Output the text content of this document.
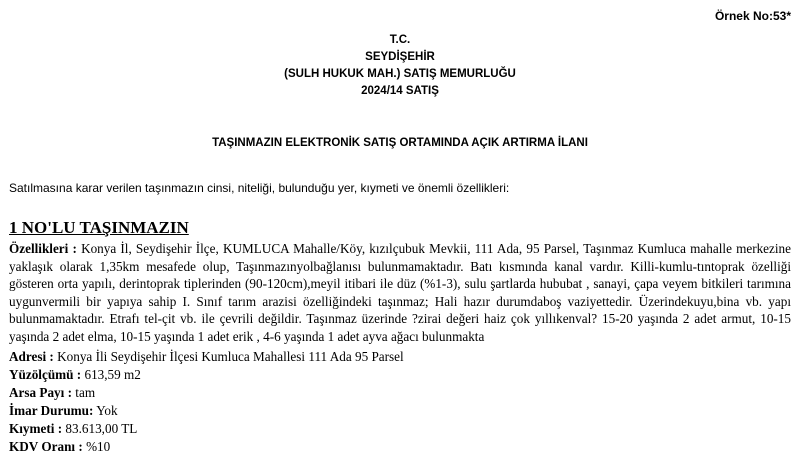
Örnek No:53*
T.C.
SEYDİŞEHİR
(SULH HUKUK MAH.) SATIŞ MEMURLUĞU
2024/14 SATIŞ
TAŞINMAZIN ELEKTRONİK SATIŞ ORTAMINDA AÇIK ARTIRMA İLANI
Satılmasına karar verilen taşınmazın cinsi, niteliği, bulunduğu yer, kıymeti ve önemli özellikleri:
1 NO'LU TAŞINMAZIN
Özellikleri : Konya İl, Seydişehir İlçe, KUMLUCA Mahalle/Köy, kızılçubuk Mevkii, 111 Ada, 95 Parsel, Taşınmaz Kumluca mahalle merkezine yaklaşık olarak 1,35km mesafede olup, Taşınmazınyolbağlanısı bulunmamaktadır. Batı kısmında kanal vardır. Killi-kumlu-tıntoprak özelliği gösteren orta yapılı, derintoprak tiplerinden (90-120cm),meyil itibari ile düz (%1-3), sulu şartlarda hububat , sanayi, çapa veyem bitkileri tarımına uygunvermili bir yapıya sahip I. Sınıf tarım arazisi özelliğindeki taşınmaz; Hali hazır durumdaboş vaziyettedir. Üzerindekuyu,bina vb. yapı bulunmamaktadır. Etrafı tel-çit vb. ile çevrili değildir. Taşınmaz üzerinde ?zirai değeri haiz çok yıllıkenval? 15-20 yaşında 2 adet armut, 10-15 yaşında 2 adet elma, 10-15 yaşında 1 adet erik , 4-6 yaşında 1 adet ayva ağacı bulunmakta
Adresi : Konya İli Seydişehir İlçesi Kumluca Mahallesi 111 Ada 95 Parsel
Yüzölçümü : 613,59 m2
Arsa Payı : tam
İmar Durumu: Yok
Kıymeti : 83.613,00 TL
KDV Oranı : %10
